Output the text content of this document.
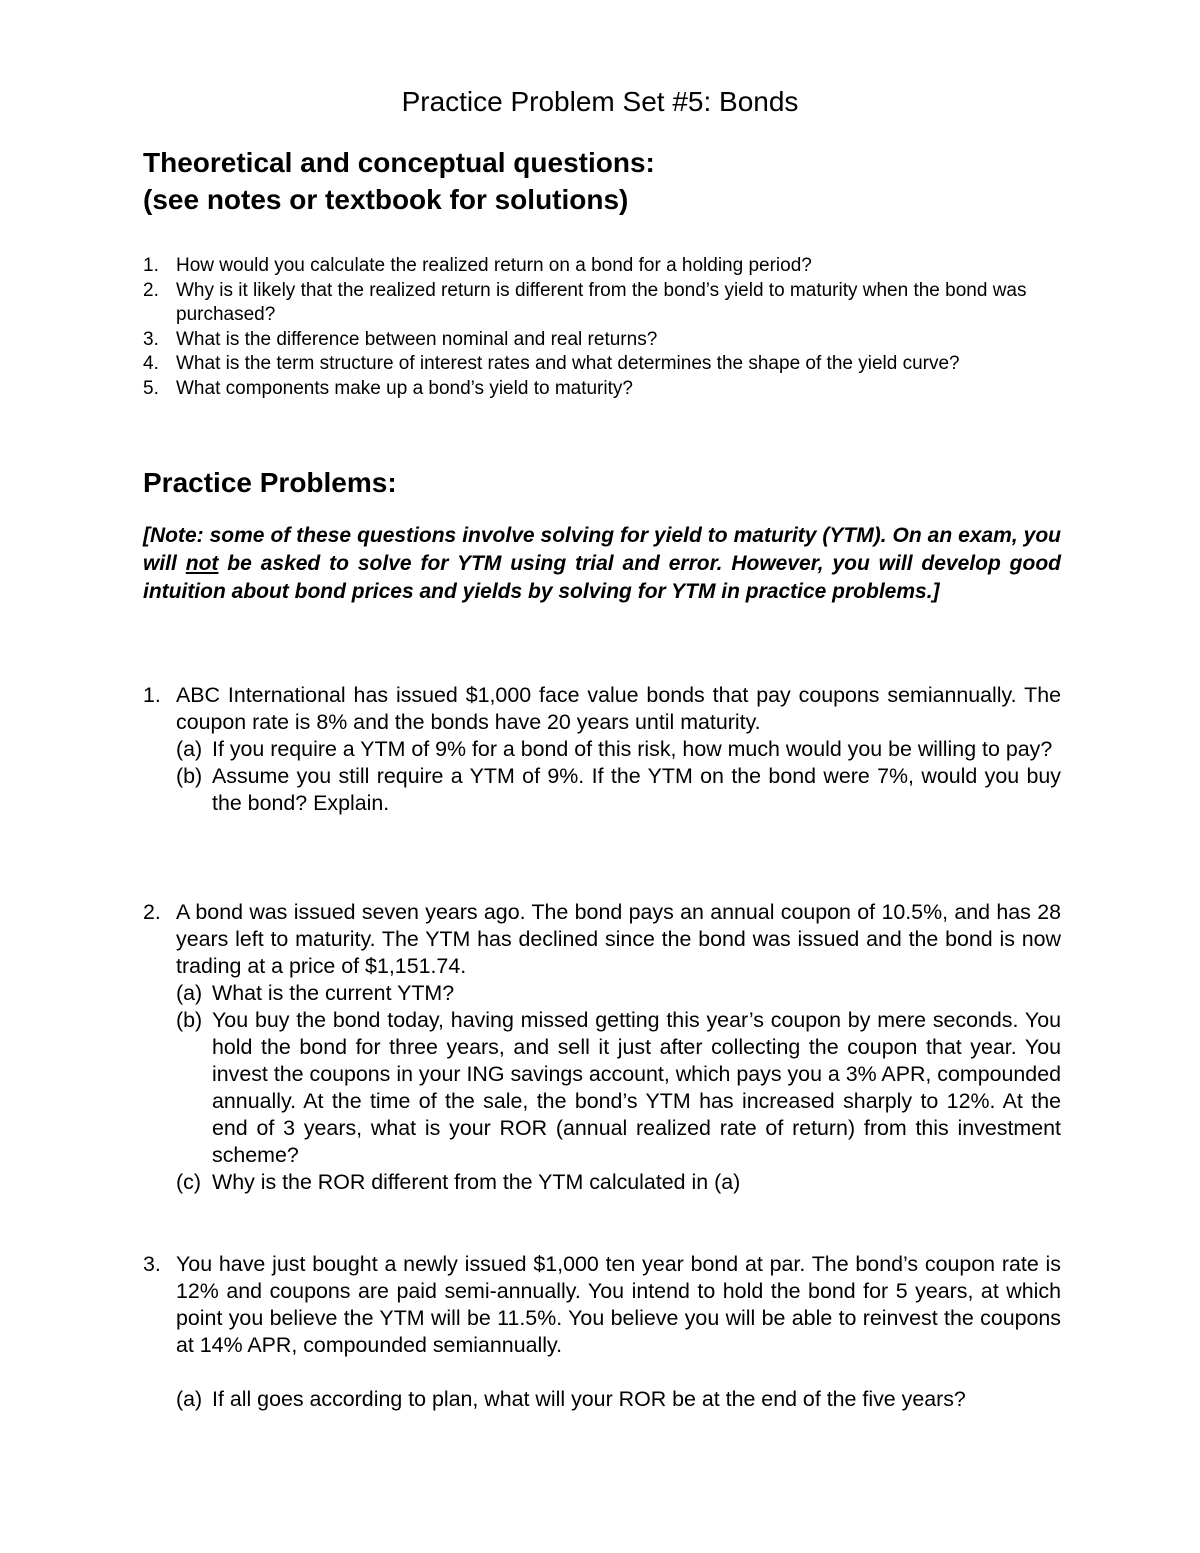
Practice Problem Set #5: Bonds
Theoretical and conceptual questions:
(see notes or textbook for solutions)
1. How would you calculate the realized return on a bond for a holding period?
2. Why is it likely that the realized return is different from the bond’s yield to maturity when the bond was purchased?
3. What is the difference between nominal and real returns?
4. What is the term structure of interest rates and what determines the shape of the yield curve?
5. What components make up a bond’s yield to maturity?
Practice Problems:
[Note: some of these questions involve solving for yield to maturity (YTM). On an exam, you will not be asked to solve for YTM using trial and error. However, you will develop good intuition about bond prices and yields by solving for YTM in practice problems.]
1. ABC International has issued $1,000 face value bonds that pay coupons semiannually. The coupon rate is 8% and the bonds have 20 years until maturity.
(a) If you require a YTM of 9% for a bond of this risk, how much would you be willing to pay?
(b) Assume you still require a YTM of 9%. If the YTM on the bond were 7%, would you buy the bond? Explain.
2. A bond was issued seven years ago. The bond pays an annual coupon of 10.5%, and has 28 years left to maturity. The YTM has declined since the bond was issued and the bond is now trading at a price of $1,151.74.
(a) What is the current YTM?
(b) You buy the bond today, having missed getting this year’s coupon by mere seconds. You hold the bond for three years, and sell it just after collecting the coupon that year. You invest the coupons in your ING savings account, which pays you a 3% APR, compounded annually. At the time of the sale, the bond’s YTM has increased sharply to 12%. At the end of 3 years, what is your ROR (annual realized rate of return) from this investment scheme?
(c) Why is the ROR different from the YTM calculated in (a)
3. You have just bought a newly issued $1,000 ten year bond at par. The bond’s coupon rate is 12% and coupons are paid semi-annually. You intend to hold the bond for 5 years, at which point you believe the YTM will be 11.5%. You believe you will be able to reinvest the coupons at 14% APR, compounded semiannually.
(a) If all goes according to plan, what will your ROR be at the end of the five years?
